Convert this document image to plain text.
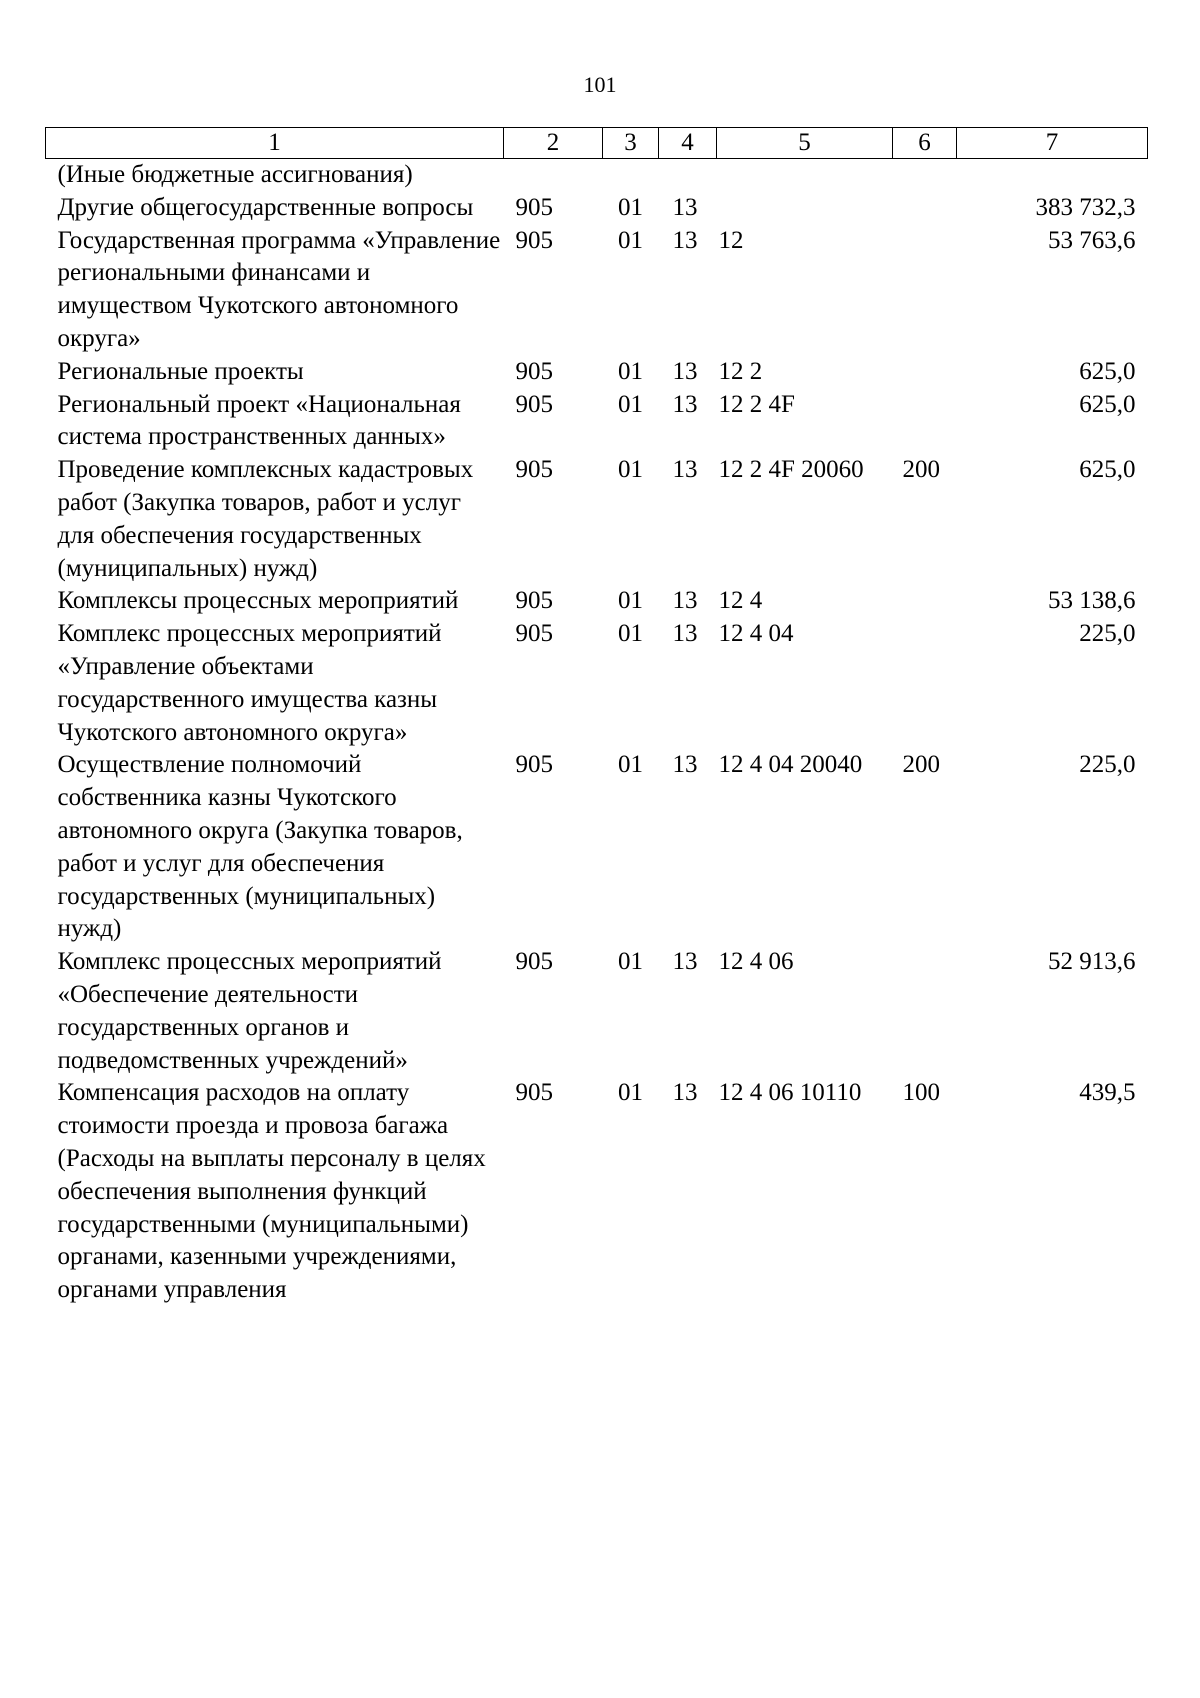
101
1	2	3	4	5	6	7
(Иные бюджетные ассигнования)						
Другие общегосударственные вопросы	905	01	13			383 732,3
Государственная программа «Управление региональными финансами и имуществом Чукотского автономного округа»	905	01	13	12		53 763,6
Региональные проекты	905	01	13	12 2		625,0
Региональный проект «Национальная система пространственных данных»	905	01	13	12 2 4F		625,0
Проведение комплексных кадастровых работ (Закупка товаров, работ и услуг для обеспечения государственных (муниципальных) нужд)	905	01	13	12 2 4F 20060	200	625,0
Комплексы процессных мероприятий	905	01	13	12 4		53 138,6
Комплекс процессных мероприятий «Управление объектами государственного имущества казны Чукотского автономного округа»	905	01	13	12 4 04		225,0
Осуществление полномочий собственника казны Чукотского автономного округа (Закупка товаров, работ и услуг для обеспечения государственных (муниципальных) нужд)	905	01	13	12 4 04 20040	200	225,0
Комплекс процессных мероприятий «Обеспечение деятельности государственных органов и подведомственных учреждений»	905	01	13	12 4 06		52 913,6
Компенсация расходов на оплату стоимости проезда и провоза багажа (Расходы на выплаты персоналу в целях обеспечения выполнения функций государственными (муниципальными) органами, казенными учреждениями, органами управления	905	01	13	12 4 06 10110	100	439,5
